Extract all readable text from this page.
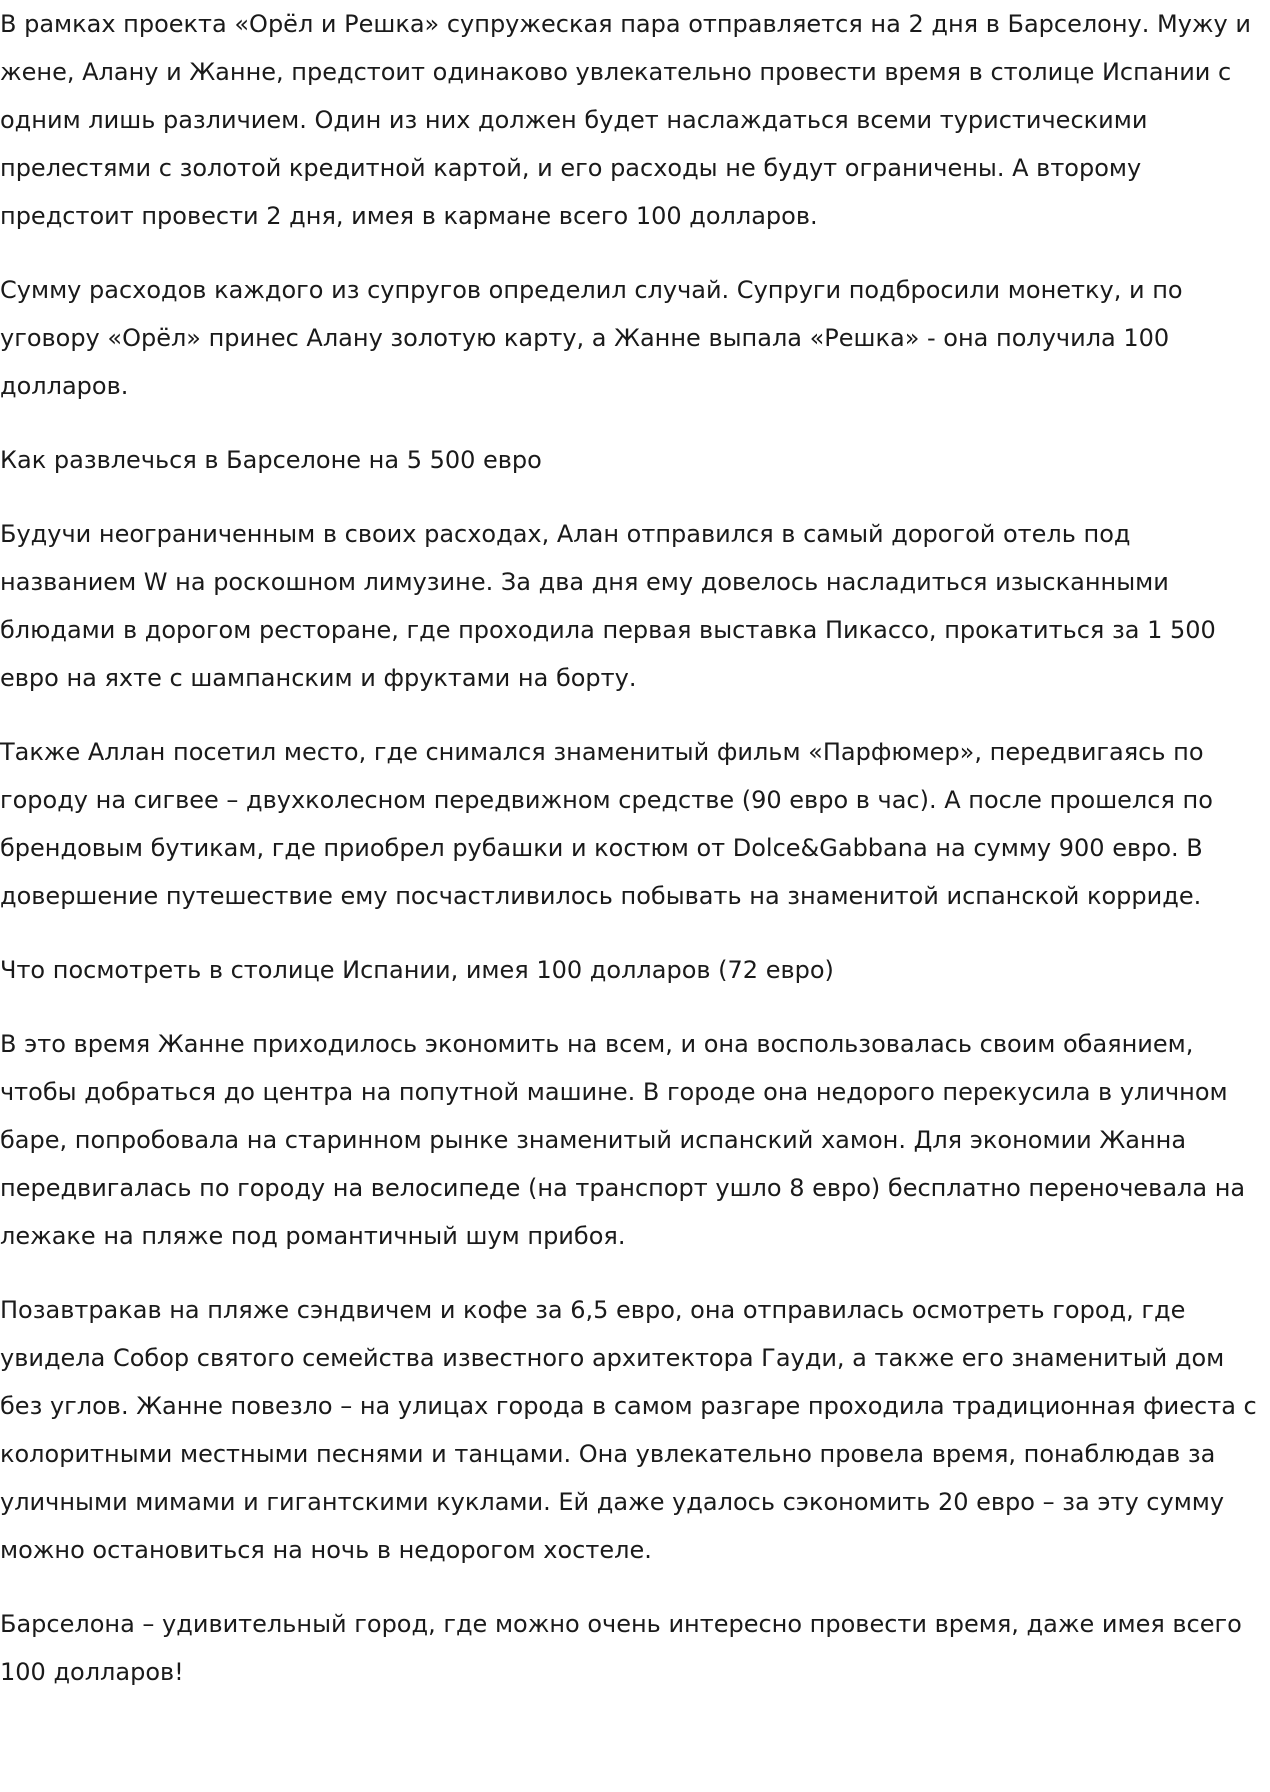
В рамках проекта «Орёл и Решка» супружеская пара отправляется на 2 дня в Барселону. Мужу и жене, Алану и Жанне, предстоит одинаково увлекательно провести время в столице Испании с одним лишь различием. Один из них должен будет наслаждаться всеми туристическими прелестями с золотой кредитной картой, и его расходы не будут ограничены. А второму предстоит провести 2 дня, имея в кармане всего 100 долларов.

Сумму расходов каждого из супругов определил случай. Супруги подбросили монетку, и по уговору «Орёл» принес Алану золотую карту, а Жанне выпала «Решка» - она получила 100 долларов.

Как развлечься в Барселоне на 5 500 евро

Будучи неограниченным в своих расходах, Алан отправился в самый дорогой отель под названием W на роскошном лимузине. За два дня ему довелось насладиться изысканными блюдами в дорогом ресторане, где проходила первая выставка Пикассо, прокатиться за 1 500 евро на яхте с шампанским и фруктами на борту.

Также Аллан посетил место, где снимался знаменитый фильм «Парфюмер», передвигаясь по городу на сигвее – двухколесном передвижном средстве (90 евро в час). А после прошелся по брендовым бутикам, где приобрел рубашки и костюм от Dolce&Gabbana на сумму 900 евро. В довершение путешествие ему посчастливилось побывать на знаменитой испанской корриде.

Что посмотреть в столице Испании, имея 100 долларов (72 евро)

В это время Жанне приходилось экономить на всем, и она воспользовалась своим обаянием, чтобы добраться до центра на попутной машине. В городе она недорого перекусила в уличном баре, попробовала на старинном рынке знаменитый испанский хамон. Для экономии Жанна передвигалась по городу на велосипеде (на транспорт ушло 8 евро) бесплатно переночевала на лежаке на пляже под романтичный шум прибоя.

Позавтракав на пляже сэндвичем и кофе за 6,5 евро, она отправилась осмотреть город, где увидела Собор святого семейства известного архитектора Гауди, а также его знаменитый дом без углов. Жанне повезло – на улицах города в самом разгаре проходила традиционная фиеста с колоритными местными песнями и танцами. Она увлекательно провела время, понаблюдав за уличными мимами и гигантскими куклами. Ей даже удалось сэкономить 20 евро – за эту сумму можно остановиться на ночь в недорогом хостеле.

Барселона – удивительный город, где можно очень интересно провести время, даже имея всего 100 долларов!
